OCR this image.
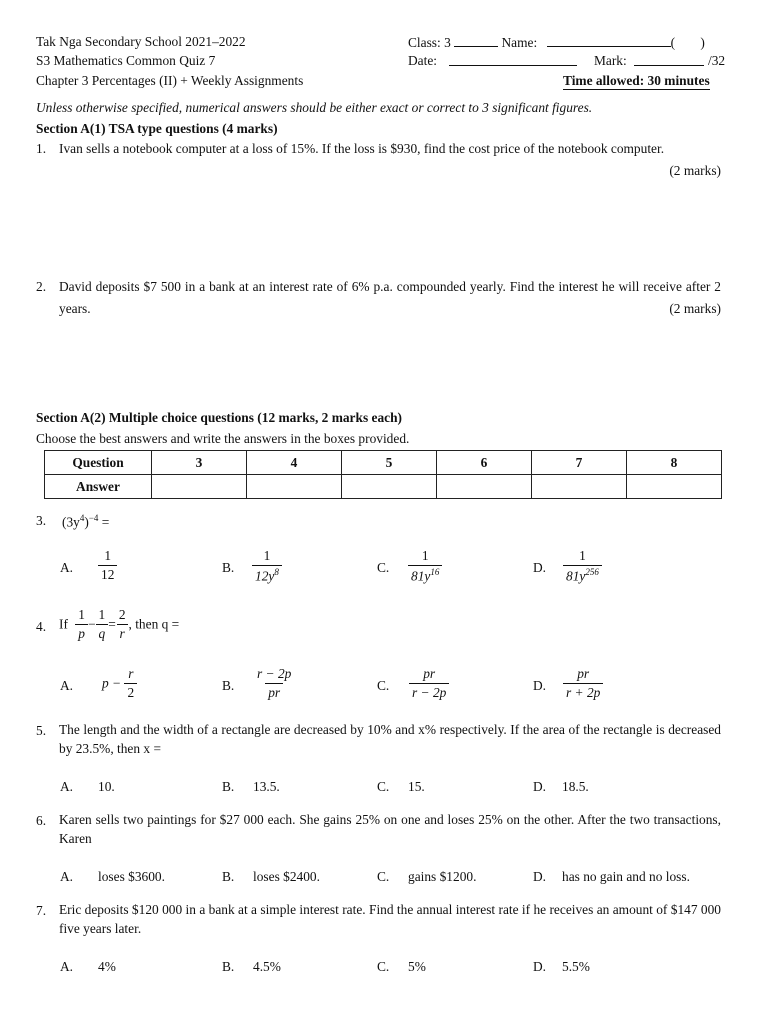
Tak Nga Secondary School 2021–2022
S3 Mathematics Common Quiz 7
Chapter 3 Percentages (II) + Weekly Assignments
Class: 3	Name:	( )
Date:	Mark:	/32
Time allowed: 30 minutes
Unless otherwise specified, numerical answers should be either exact or correct to 3 significant figures.
Section A(1) TSA type questions (4 marks)
1. Ivan sells a notebook computer at a loss of 15%. If the loss is $930, find the cost price of the notebook computer.
(2 marks)
2. David deposits $7 500 in a bank at an interest rate of 6% p.a. compounded yearly. Find the interest he will receive after 2 years.	(2 marks)
Section A(2) Multiple choice questions (12 marks, 2 marks each)
Choose the best answers and write the answers in the boxes provided.
Question	3	4	5	6	7	8
Answer						
3. $(3y^4)^{-4}$ =
A. $\frac{1}{12}$	B. $\frac{1}{12y^8}$	C. $\frac{1}{81y^{16}}$	D. $\frac{1}{81y^{256}}$
4. If $\frac{1}{p} - \frac{1}{q} = \frac{2}{r}$ , then q =
A. $p - \frac{r}{2}$	B. $\frac{r - 2p}{pr}$	C. $\frac{pr}{r - 2p}$	D. $\frac{pr}{r + 2p}$
5. The length and the width of a rectangle are decreased by 10% and x% respectively. If the area of the rectangle is decreased by 23.5%, then x =
A. 10.	B. 13.5.	C. 15.	D. 18.5.
6. Karen sells two paintings for $27 000 each. She gains 25% on one and loses 25% on the other. After the two transactions, Karen
A. loses $3600.	B. loses $2400.	C. gains $1200.	D. has no gain and no loss.
7. Eric deposits $120 000 in a bank at a simple interest rate. Find the annual interest rate if he receives an amount of $147 000 five years later.
A. 4%	B. 4.5%	C. 5%	D. 5.5%
